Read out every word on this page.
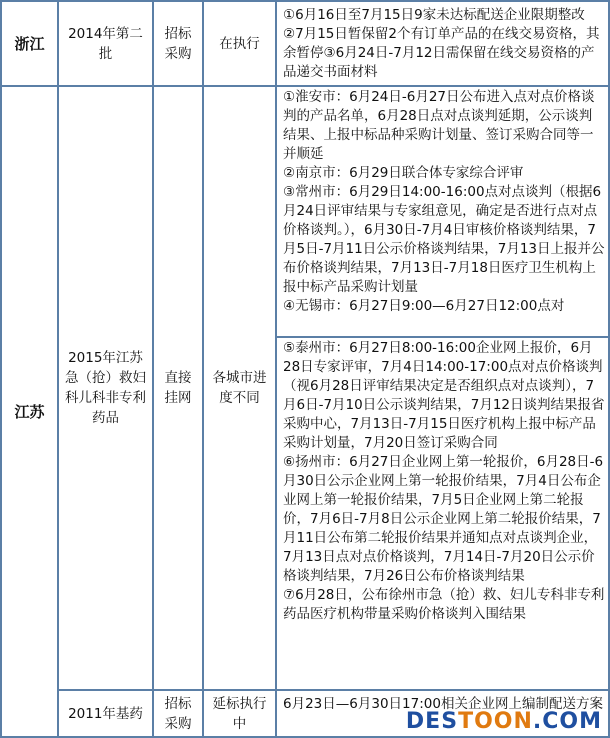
浙江
2014年第二批
招标采购
在执行
①6月16日至7月15日9家未达标配送企业限期整改②7月15日暂保留2个有订单产品的在线交易资格，其余暂停③6月24日-7月12日需保留在线交易资格的产品递交书面材料
江苏
2015年江苏急（抢）救妇科儿科非专利药品
直接挂网
各城市进度不同
①淮安市：6月24日-6月27日公布进入点对点价格谈判的产品名单，6月28日点对点谈判延期，公示谈判结果、上报中标品种采购计划量、签订采购合同等一并顺延
②南京市：6月29日联合体专家综合评审
③常州市：6月29日14:00-16:00点对点谈判（根据6月24日评审结果与专家组意见，确定是否进行点对点价格谈判。），6月30日-7月4日审核价格谈判结果，7月5日-7月11日公示价格谈判结果，7月13日上报并公布价格谈判结果，7月13日-7月18日医疗卫生机构上报中标产品采购计划量
④无锡市：6月27日9:00—6月27日12:00点对
⑤泰州市：6月27日8:00-16:00企业网上报价，6月28日专家评审，7月4日14:00-17:00点对点价格谈判（视6月28日评审结果决定是否组织点对点谈判），7月6日-7月10日公示谈判结果，7月12日谈判结果报省采购中心，7月13日-7月15日医疗机构上报中标产品采购计划量，7月20日签订采购合同
⑥扬州市：6月27日企业网上第一轮报价，6月28日-6月30日公示企业网上第一轮报价结果，7月4日公布企业网上第一轮报价结果，7月5日企业网上第二轮报价，7月6日-7月8日公示企业网上第二轮报价结果，7月11日公布第二轮报价结果并通知点对点谈判企业，7月13日点对点价格谈判，7月14日-7月20日公示价格谈判结果，7月26日公布价格谈判结果
⑦6月28日，公布徐州市急（抢）救、妇儿专科非专利药品医疗机构带量采购价格谈判入围结果
2011年基药
招标采购
延标执行中
6月23日—6月30日17:00相关企业网上编制配送方案
DES TOON .COM
